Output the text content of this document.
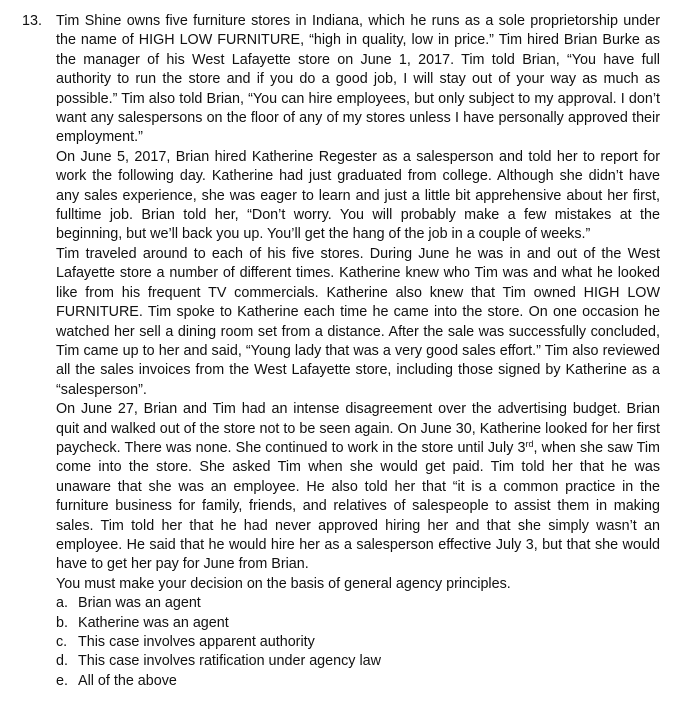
13. Tim Shine owns five furniture stores in Indiana, which he runs as a sole proprietorship under the name of HIGH LOW FURNITURE, “high in quality, low in price.” Tim hired Brian Burke as the manager of his West Lafayette store on June 1, 2017. Tim told Brian, “You have full authority to run the store and if you do a good job, I will stay out of your way as much as possible.” Tim also told Brian, “You can hire employees, but only subject to my approval. I don’t want any salespersons on the floor of any of my stores unless I have personally approved their employment.”

On June 5, 2017, Brian hired Katherine Regester as a salesperson and told her to report for work the following day. Katherine had just graduated from college. Although she didn’t have any sales experience, she was eager to learn and just a little bit apprehensive about her first, fulltime job. Brian told her, “Don’t worry. You will probably make a few mistakes at the beginning, but we’ll back you up. You’ll get the hang of the job in a couple of weeks.”

Tim traveled around to each of his five stores. During June he was in and out of the West Lafayette store a number of different times. Katherine knew who Tim was and what he looked like from his frequent TV commercials. Katherine also knew that Tim owned HIGH LOW FURNITURE. Tim spoke to Katherine each time he came into the store. On one occasion he watched her sell a dining room set from a distance. After the sale was successfully concluded, Tim came up to her and said, “Young lady that was a very good sales effort.” Tim also reviewed all the sales invoices from the West Lafayette store, including those signed by Katherine as a “salesperson”.

On June 27, Brian and Tim had an intense disagreement over the advertising budget. Brian quit and walked out of the store not to be seen again. On June 30, Katherine looked for her first paycheck. There was none. She continued to work in the store until July 3rd, when she saw Tim come into the store. She asked Tim when she would get paid. Tim told her that he was unaware that she was an employee. He also told her that “it is a common practice in the furniture business for family, friends, and relatives of salespeople to assist them in making sales. Tim told her that he had never approved hiring her and that she simply wasn’t an employee. He said that he would hire her as a salesperson effective July 3, but that she would have to get her pay for June from Brian.

You must make your decision on the basis of general agency principles.

a. Brian was an agent
b. Katherine was an agent
c. This case involves apparent authority
d. This case involves ratification under agency law
e. All of the above
